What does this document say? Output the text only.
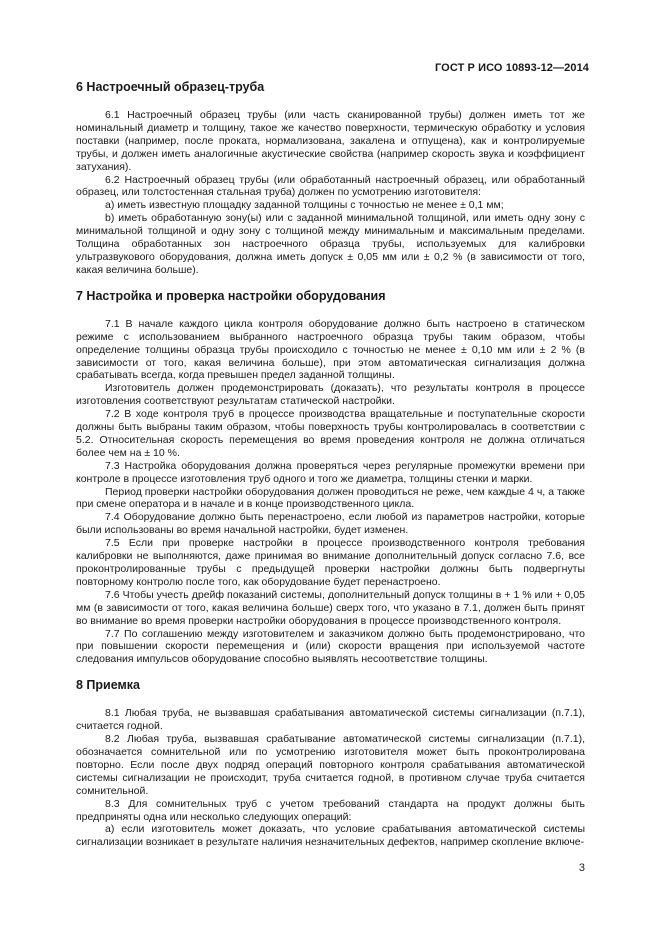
ГОСТ Р ИСО 10893-12—2014
6 Настроечный образец-труба

6.1 Настроечный образец трубы (или часть сканированной трубы) должен иметь тот же номинальный диаметр и толщину, такое же качество поверхности, термическую обработку и условия поставки (например, после проката, нормализована, закалена и отпущена), как и контролируемые трубы, и должен иметь аналогичные акустические свойства (например скорость звука и коэффициент затухания).

6.2 Настроечный образец трубы (или обработанный настроечный образец, или обработанный образец, или толстостенная стальная труба) должен по усмотрению изготовителя:

a) иметь известную площадку заданной толщины с точностью не менее ± 0,1 мм;

b) иметь обработанную зону(ы) или с заданной минимальной толщиной, или иметь одну зону с минимальной толщиной и одну зону с толщиной между минимальным и максимальным пределами. Толщина обработанных зон настроечного образца трубы, используемых для калибровки ультразвукового оборудования, должна иметь допуск ± 0,05 мм или ± 0,2 % (в зависимости от того, какая величина больше).

7 Настройка и проверка настройки оборудования

7.1 В начале каждого цикла контроля оборудование должно быть настроено в статическом режиме с использованием выбранного настроечного образца трубы таким образом, чтобы определение толщины образца трубы происходило с точностью не менее ± 0,10 мм или ± 2 % (в зависимости от того, какая величина больше), при этом автоматическая сигнализация должна срабатывать всегда, когда превышен предел заданной толщины.

Изготовитель должен продемонстрировать (доказать), что результаты контроля в процессе изготовления соответствуют результатам статической настройки.

7.2 В ходе контроля труб в процессе производства вращательные и поступательные скорости должны быть выбраны таким образом, чтобы поверхность трубы контролировалась в соответствии с 5.2. Относительная скорость перемещения во время проведения контроля не должна отличаться более чем на ± 10 %.

7.3 Настройка оборудования должна проверяться через регулярные промежутки времени при контроле в процессе изготовления труб одного и того же диаметра, толщины стенки и марки.

Период проверки настройки оборудования должен проводиться не реже, чем каждые 4 ч, а также при смене оператора и в начале и в конце производственного цикла.

7.4 Оборудование должно быть перенастроено, если любой из параметров настройки, которые были использованы во время начальной настройки, будет изменен.

7.5 Если при проверке настройки в процессе производственного контроля требования калибровки не выполняются, даже принимая во внимание дополнительный допуск согласно 7.6, все проконтролированные трубы с предыдущей проверки настройки должны быть подвергнуты повторному контролю после того, как оборудование будет перенастроено.

7.6 Чтобы учесть дрейф показаний системы, дополнительный допуск толщины в + 1 % или + 0,05 мм (в зависимости от того, какая величина больше) сверх того, что указано в 7.1, должен быть принят во внимание во время проверки настройки оборудования в процессе производственного контроля.

7.7 По соглашению между изготовителем и заказчиком должно быть продемонстрировано, что при повышении скорости перемещения и (или) скорости вращения при используемой частоте следования импульсов оборудование способно выявлять несоответствие толщины.

8 Приемка

8.1 Любая труба, не вызвавшая срабатывания автоматической системы сигнализации (п.7.1), считается годной.

8.2 Любая труба, вызвавшая срабатывание автоматической системы сигнализации (п.7.1), обозначается сомнительной или по усмотрению изготовителя может быть проконтролирована повторно. Если после двух подряд операций повторного контроля срабатывания автоматической системы сигнализации не происходит, труба считается годной, в противном случае труба считается сомнительной.

8.3 Для сомнительных труб с учетом требований стандарта на продукт должны быть предприняты одна или несколько следующих операций:

a) если изготовитель может доказать, что условие срабатывания автоматической системы сигнализации возникает в результате наличия незначительных дефектов, например скопление включе-

3
